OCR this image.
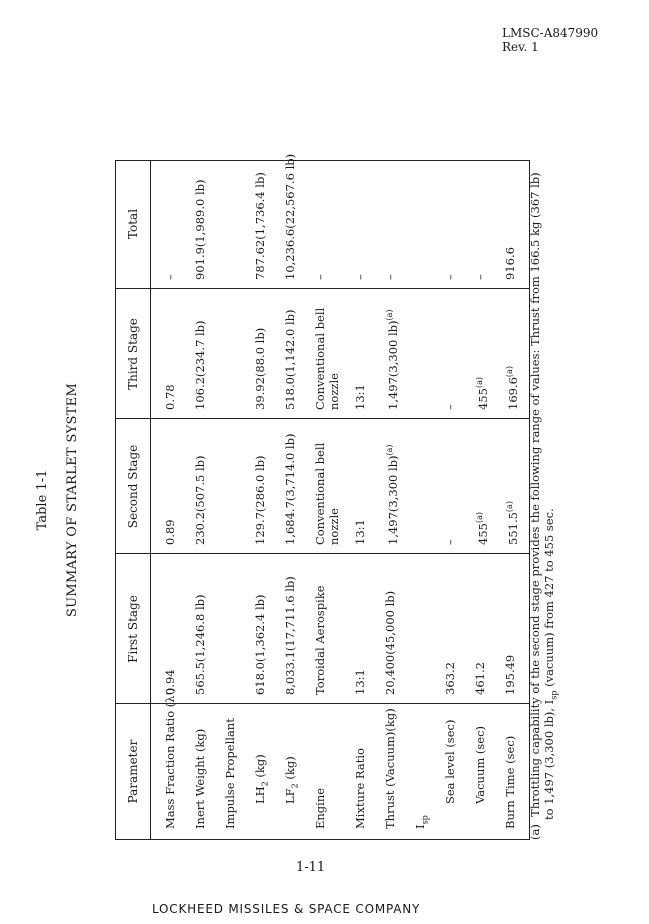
LMSC-A847990
Rev. 1
Table 1-1 SUMMARY OF STARLET SYSTEM
Parameter
First Stage
Second Stage
Third Stage
Total
Mass Fraction Ratio (λ')
0.94
0.89
0.78
–
Inert Weight (kg)
565.5(1,246.8 lb)
230.2(507.5 lb)
106.2(234.7 lb)
901.9(1,989.0 lb)
Impulse Propellant $LH_2$ (kg)
618.0(1,362.4 lb)
129.7(286.0 lb)
39.92(88.0 lb)
787.62(1,736.4 lb)
$LF_2$ (kg)
8,033.1(17,711.6 lb)
1,684.7(3,714.0 lb)
518.0(1,142.0 lb)
10,236.6(22,567.6 lb)
Engine
Toroidal Aerospike
Conventional bell nozzle
Conventional bell nozzle
–
Mixture Ratio
13:1
13:1
13:1
–
Thrust (Vacuum)(kg)
20,400(45,000 lb)
1,497(3,300 lb)$^{(a)}$
1,497(3,300 lb)$^{(a)}$
–
$I_{sp}$
Sea level (sec)
363.2
–
–
–
Vacuum (sec)
461.2
455$^{(a)}$
455$^{(a)}$
–
Burn Time (sec)
195.49
551.5$^{(a)}$
169.6$^{(a)}$
916.6
(a)  Throttling capability of the second stage provides the following range of values: Thrust from 166.5 kg (367 lb) to 1,497 (3,300 lb), $I_{sp}$ (vacuum) from 427 to 455 sec.
1-11
LOCKHEED MISSILES & SPACE COMPANY
